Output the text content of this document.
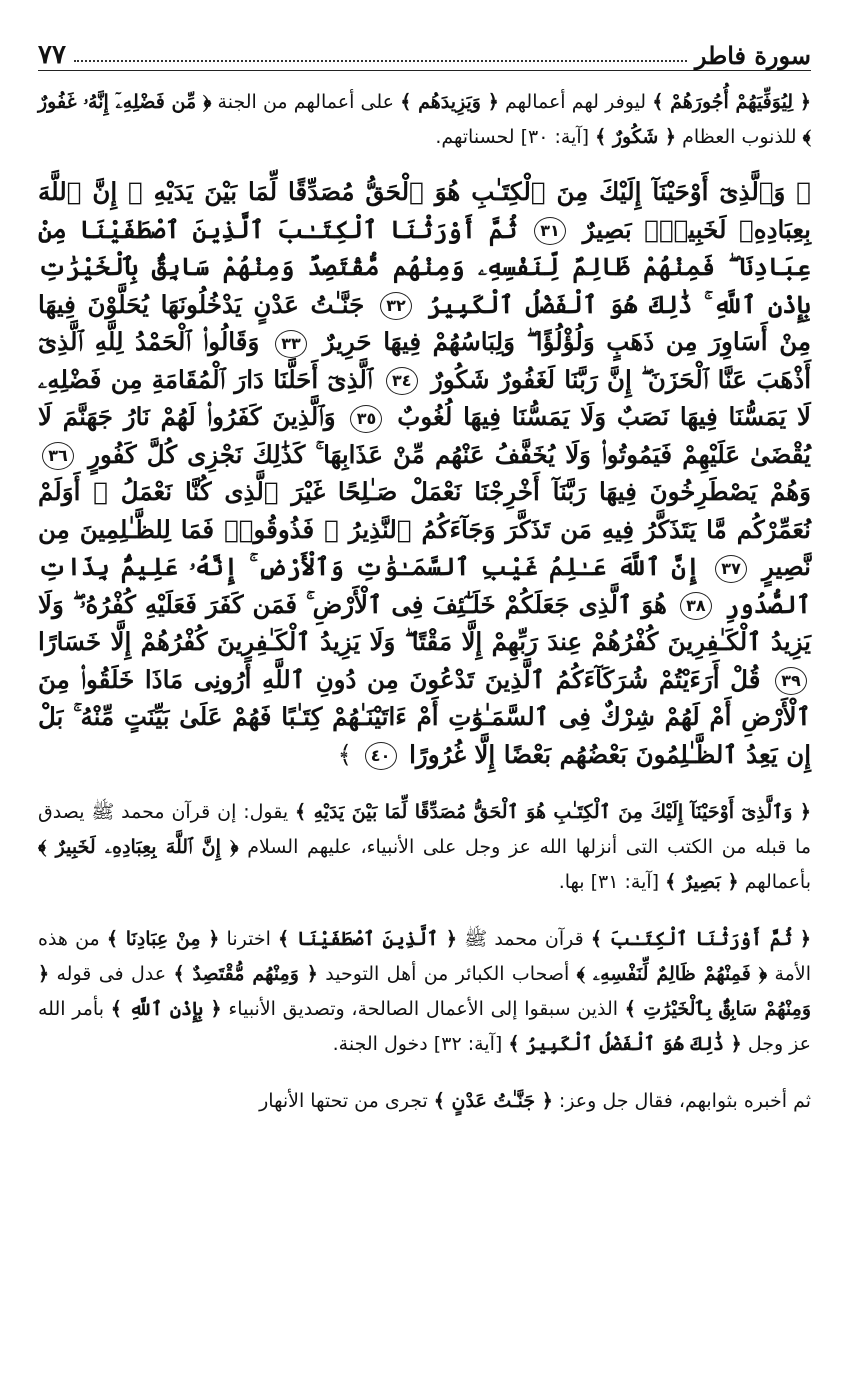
سورة فاطر
٧٧

﴿ لِيُوَفِّيَهُمْ أُجُورَهُمْ ﴾ ليوفر لهم أعمالهم ﴿ وَيَزِيدَهُم ﴾ على أعمالهم من الجنة ﴿ مِّن فَضْلِهِۦٓ إِنَّهُۥ غَفُورٌ ﴾ للذنوب العظام ﴿ شَكُورٌ ﴾ [آية: ٣٠] لحسناتهم.

﴿ وَٱلَّذِىٓ أَوْحَيْنَآ إِلَيْكَ مِنَ ٱلْكِتَـٰبِ هُوَ ٱلْحَقُّ مُصَدِّقًا لِّمَا بَيْنَ يَدَيْهِ ۗ إِنَّ ٱللَّهَ بِعِبَادِهِۦ لَخَبِيرٌۢ بَصِيرٌ ٣١ ثُمَّ أَوْرَثْنَا ٱلْكِتَـٰبَ ٱلَّذِينَ ٱصْطَفَيْنَا مِنْ عِبَادِنَا ۖ فَمِنْهُمْ ظَالِمٌ لِّنَفْسِهِۦ وَمِنْهُم مُّقْتَصِدٌ وَمِنْهُمْ سَابِقٌۢ بِٱلْخَيْرَٰتِ بِإِذْنِ ٱللَّهِ ۚ ذَٰلِكَ هُوَ ٱلْفَضْلُ ٱلْكَبِيرُ ٣٢ جَنَّـٰتُ عَدْنٍ يَدْخُلُونَهَا يُحَلَّوْنَ فِيهَا مِنْ أَسَاوِرَ مِن ذَهَبٍ وَلُؤْلُؤًا ۖ وَلِبَاسُهُمْ فِيهَا حَرِيرٌ ٣٣ وَقَالُوا۟ ٱلْحَمْدُ لِلَّهِ ٱلَّذِىٓ أَذْهَبَ عَنَّا ٱلْحَزَنَ ۖ إِنَّ رَبَّنَا لَغَفُورٌ شَكُورٌ ٣٤ ٱلَّذِىٓ أَحَلَّنَا دَارَ ٱلْمُقَامَةِ مِن فَضْلِهِۦ لَا يَمَسُّنَا فِيهَا نَصَبٌ وَلَا يَمَسُّنَا فِيهَا لُغُوبٌ ٣٥ وَٱلَّذِينَ كَفَرُوا۟ لَهُمْ نَارُ جَهَنَّمَ لَا يُقْضَىٰ عَلَيْهِمْ فَيَمُوتُوا۟ وَلَا يُخَفَّفُ عَنْهُم مِّنْ عَذَابِهَا ۚ كَذَٰلِكَ نَجْزِى كُلَّ كَفُورٍ ٣٦ وَهُمْ يَصْطَرِخُونَ فِيهَا رَبَّنَآ أَخْرِجْنَا نَعْمَلْ صَـٰلِحًا غَيْرَ ٱلَّذِى كُنَّا نَعْمَلُ ۚ أَوَلَمْ نُعَمِّرْكُم مَّا يَتَذَكَّرُ فِيهِ مَن تَذَكَّرَ وَجَآءَكُمُ ٱلنَّذِيرُ ۖ فَذُوقُوا۟ فَمَا لِلظَّـٰلِمِينَ مِن نَّصِيرٍ ٣٧ إِنَّ ٱللَّهَ عَـٰلِمُ غَيْبِ ٱلسَّمَـٰوَٰتِ وَٱلْأَرْضِ ۚ إِنَّهُۥ عَلِيمٌۢ بِذَاتِ ٱلصُّدُورِ ٣٨ هُوَ ٱلَّذِى جَعَلَكُمْ خَلَـٰٓئِفَ فِى ٱلْأَرْضِ ۚ فَمَن كَفَرَ فَعَلَيْهِ كُفْرُهُۥ ۖ وَلَا يَزِيدُ ٱلْكَـٰفِرِينَ كُفْرُهُمْ عِندَ رَبِّهِمْ إِلَّا مَقْتًا ۖ وَلَا يَزِيدُ ٱلْكَـٰفِرِينَ كُفْرُهُمْ إِلَّا خَسَارًا ٣٩ قُلْ أَرَءَيْتُمْ شُرَكَآءَكُمُ ٱلَّذِينَ تَدْعُونَ مِن دُونِ ٱللَّهِ أَرُونِى مَاذَا خَلَقُوا۟ مِنَ ٱلْأَرْضِ أَمْ لَهُمْ شِرْكٌ فِى ٱلسَّمَـٰوَٰتِ أَمْ ءَاتَيْنَـٰهُمْ كِتَـٰبًا فَهُمْ عَلَىٰ بَيِّنَتٍ مِّنْهُ ۚ بَلْ إِن يَعِدُ ٱلظَّـٰلِمُونَ بَعْضُهُم بَعْضًا إِلَّا غُرُورًا ٤٠ ﴾

﴿ وَٱلَّذِىٓ أَوْحَيْنَآ إِلَيْكَ مِنَ ٱلْكِتَـٰبِ هُوَ ٱلْحَقُّ مُصَدِّقًا لِّمَا بَيْنَ يَدَيْهِ ﴾ يقول: إن قرآن محمد ﷺ يصدق ما قبله من الكتب التى أنزلها الله عز وجل على الأنبياء، عليهم السلام ﴿ إِنَّ ٱللَّهَ بِعِبَادِهِۦ لَخَبِيرٌ ﴾ بأعمالهم ﴿ بَصِيرٌ ﴾ [آية: ٣١] بها.

﴿ ثُمَّ أَوْرَثْنَا ٱلْكِتَـٰبَ ﴾ قرآن محمد ﷺ ﴿ ٱلَّذِينَ ٱصْطَفَيْنَا ﴾ اخترنا ﴿ مِنْ عِبَادِنَا ﴾ من هذه الأمة ﴿ فَمِنْهُمْ ظَالِمٌ لِّنَفْسِهِۦ ﴾ أصحاب الكبائر من أهل التوحيد ﴿ وَمِنْهُم مُّقْتَصِدٌ ﴾ عدل فى قوله ﴿ وَمِنْهُمْ سَابِقٌۢ بِٱلْخَيْرَٰتِ ﴾ الذين سبقوا إلى الأعمال الصالحة، وتصديق الأنبياء ﴿ بِإِذْنِ ٱللَّهِ ﴾ بأمر الله عز وجل ﴿ ذَٰلِكَ هُوَ ٱلْفَضْلُ ٱلْكَبِيرُ ﴾ [آية: ٣٢] دخول الجنة.

ثم أخبره بثوابهم، فقال جل وعز: ﴿ جَنَّـٰتُ عَدْنٍ ﴾ تجرى من تحتها الأنهار
